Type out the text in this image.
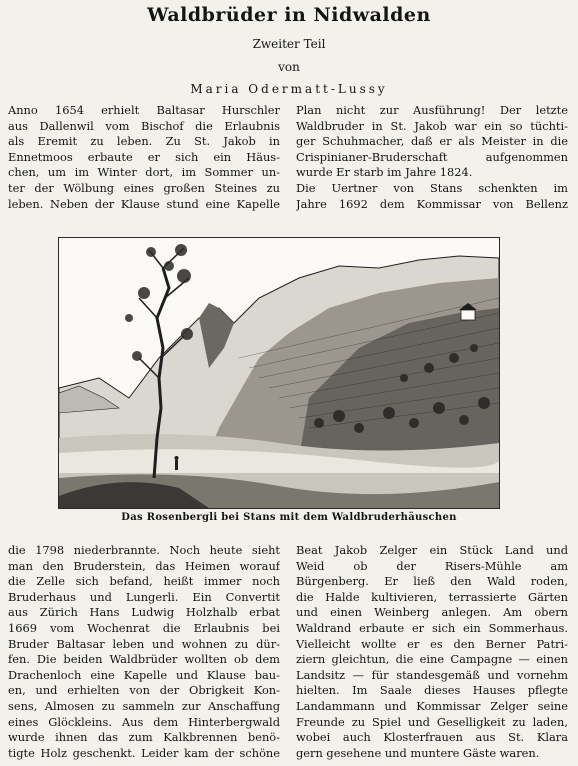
Waldbrüder in Nidwalden
Zweiter Teil
von
Maria Odermatt-Lussy

Anno 1654 erhielt Baltasar Hurschler
aus Dallenwil vom Bischof die Erlaubnis
als Eremit zu leben. Zu St. Jakob in
Ennetmoos erbaute er sich ein Häus-
chen, um im Winter dort, im Sommer un-
ter der Wölbung eines großen Steines zu
leben. Neben der Klause stund eine Kapelle

Plan nicht zur Ausführung! Der letzte
Waldbruder in St. Jakob war ein so tüchti-
ger Schuhmacher, daß er als Meister in die
Crispinianer-Bruderschaft aufgenommen
wurde Er starb im Jahre 1824.
Die Uertner von Stans schenkten im
Jahre 1692 dem Kommissar von Bellenz

Das Rosenbergli bei Stans mit dem Waldbruderhäuschen

die 1798 niederbrannte. Noch heute sieht
man den Bruderstein, das Heimen worauf
die Zelle sich befand, heißt immer noch
Bruderhaus und Lungerli. Ein Convertit
aus Zürich Hans Ludwig Holzhalb erbat
1669 vom Wochenrat die Erlaubnis bei
Bruder Baltasar leben und wohnen zu dür-
fen. Die beiden Waldbrüder wollten ob dem
Drachenloch eine Kapelle und Klause bau-
en, und erhielten von der Obrigkeit Kon-
sens, Almosen zu sammeln zur Anschaffung
eines Glöckleins. Aus dem Hinterbergwald
wurde ihnen das zum Kalkbrennen benö-
tigte Holz geschenkt. Leider kam der schöne

Beat Jakob Zelger ein Stück Land und
Weid ob der Risers-Mühle am
Bürgenberg. Er ließ den Wald roden,
die Halde kultivieren, terrassierte Gärten
und einen Weinberg anlegen. Am obern
Waldrand erbaute er sich ein Sommerhaus.
Vielleicht wollte er es den Berner Patri-
ziern gleichtun, die eine Campagne — einen
Landsitz — für standesgemäß und vornehm
hielten. Im Saale dieses Hauses pflegte
Landammann und Kommissar Zelger seine
Freunde zu Spiel und Geselligkeit zu laden,
wobei auch Klosterfrauen aus St. Klara
gern gesehene und muntere Gäste waren.
